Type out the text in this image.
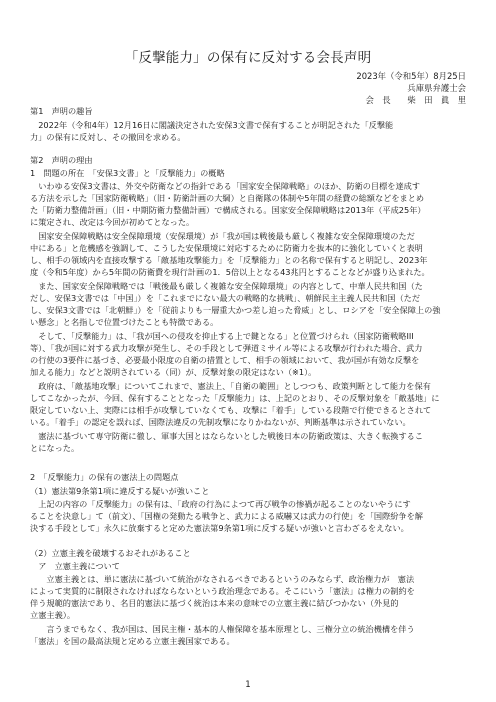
「反撃能力」の保有に反対する会長声明
2023年（令和5年）8月25日
兵庫県弁護士会
会　長　　柴　田　眞　里
第1　声明の趣旨
　2022年（令和4年）12月16日に閣議決定された安保3文書で保有することが明記された「反撃能
力」の保有に反対し、その撤回を求める。
第2　声明の理由
1　問題の所在　「安保3文書」と「反撃能力」の概略
　いわゆる安保3文書は、外交や防衛などの指針である「国家安全保障戦略」のほか、防衛の目標を達成す
る方法を示した「国家防衛戦略」（旧・防衛計画の大綱）と自衛隊の体制や5年間の経費の総額などをまとめ
た「防衛力整備計画」（旧・中期防衛力整備計画）で構成される。国家安全保障戦略は2013年（平成25年）
に策定され、改定は今回が初めてとなった。
　国家安全保障戦略は安全保障環境（安保環境）が「我が国は戦後最も厳しく複雑な安全保障環境のただ
中にある」と危機感を強調して、こうした安保環境に対応するために防衛力を抜本的に強化していくと表明
し、相手の領域内を直接攻撃する「敵基地攻撃能力」を「反撃能力」との名称で保有すると明記し、2023年
度（令和5年度）から5年間の防衛費を現行計画の1．5倍以上となる43兆円とすることなどが盛り込まれた。
　また、国家安全保障戦略では「戦後最も厳しく複雑な安全保障環境」の内容として、中華人民共和国（た
だし、安保3文書では「中国」）を「これまでにない最大の戦略的な挑戦」、朝鮮民主主義人民共和国（ただ
し、安保3文書では「北朝鮮」）を「従前よりも一層重大かつ差し迫った脅威」とし、ロシアを「安全保障上の強
い懸念」と名指しで位置づけたことも特徴である。
　そして、「反撃能力」は、「我が国への侵攻を抑止する上で鍵となる」と位置づけられ（国家防衛戦略III
等）、「我が国に対する武力攻撃が発生し、その手段として弾道ミサイル等による攻撃が行われた場合、武力
の行使の3要件に基づき、必要最小限度の自衛の措置として、相手の領域において、我が国が有効な反撃を
加える能力」などと説明されている（同）が、反撃対象の限定はない（※1）。
　政府は、「敵基地攻撃」についてこれまで、憲法上、「自衛の範囲」としつつも、政策判断として能力を保有
してこなかったが、今回、保有することとなった「反撃能力」は、上記のとおり、その反撃対象を「敵基地」に
限定していない上、実際には相手が攻撃していなくても、攻撃に「着手」している段階で行使できるとされて
いる。「着手」の認定を誤れば、国際法違反の先制攻撃になりかねないが、判断基準は示されていない。
　憲法に基づいて専守防衛に徹し、軍事大国とはならないとした戦後日本の防衛政策は、大きく転換するこ
とになった。
2　「反撃能力」の保有の憲法上の問題点
（1）憲法第9条第1項に違反する疑いが強いこと
　上記の内容の「反撃能力」の保有は、「政府の行為によつて再び戦争の惨禍が起ることのないやうにす
ることを決意し」て（前文）、「国権の発動たる戦争と、武力による威嚇又は武力の行使」を「国際紛争を解
決する手段として」永久に放棄すると定めた憲法第9条第1項に反する疑いが強いと言わざるをえない。
（2）立憲主義を破壊するおそれがあること
　ア　立憲主義について
　　立憲主義とは、単に憲法に基づいて統治がなされるべきであるというのみならず、政治権力が　憲法
によって実質的に制限されなければならないという政治理念である。そこにいう「憲法」は権力の制約を
伴う規範的憲法であり、名目的憲法に基づく統治は本来の意味での立憲主義に結びつかない（外見的
立憲主義）。
　　言うまでもなく、我が国は、国民主権・基本的人権保障を基本原理とし、三権分立の統治機構を伴う
「憲法」を国の最高法規と定める立憲主義国家である。
1
